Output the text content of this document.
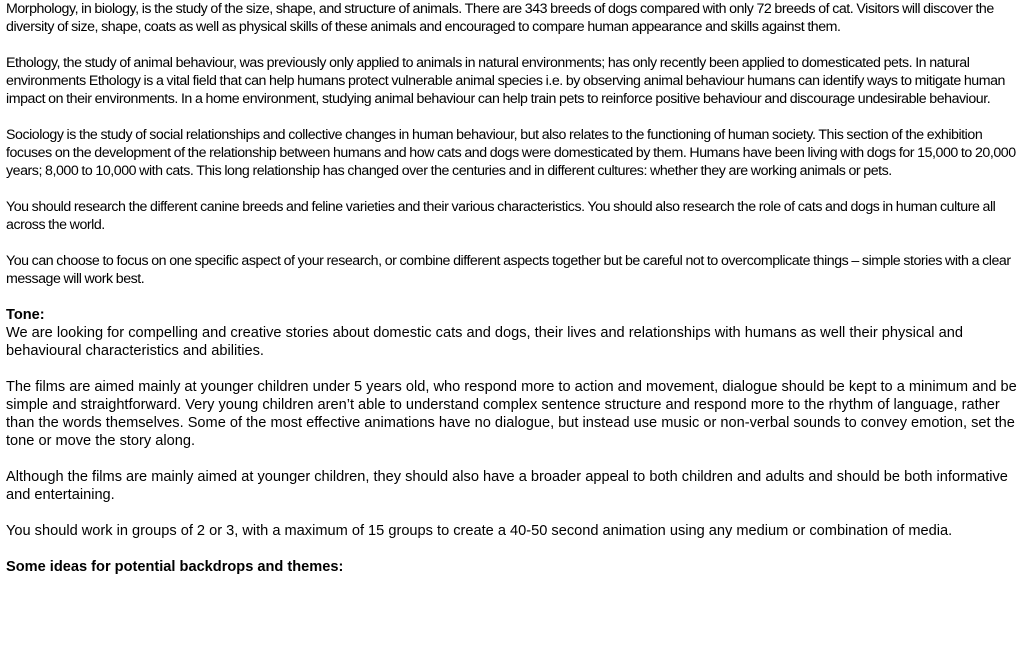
Morphology, in biology, is the study of the size, shape, and structure of animals. There are 343 breeds of dogs compared with only 72 breeds of cat. Visitors will discover the diversity of size, shape, coats as well as physical skills of these animals and encouraged to compare human appearance and skills against them.

Ethology, the study of animal behaviour, was previously only applied to animals in natural environments; has only recently been applied to domesticated pets. In natural environments Ethology is a vital field that can help humans protect vulnerable animal species i.e. by observing animal behaviour humans can identify ways to mitigate human impact on their environments. In a home environment, studying animal behaviour can help train pets to reinforce positive behaviour and discourage undesirable behaviour.

Sociology is the study of social relationships and collective changes in human behaviour, but also relates to the functioning of human society. This section of the exhibition focuses on the development of the relationship between humans and how cats and dogs were domesticated by them. Humans have been living with dogs for 15,000 to 20,000 years; 8,000 to 10,000 with cats. This long relationship has changed over the centuries and in different cultures: whether they are working animals or pets.

You should research the different canine breeds and feline varieties and their various characteristics. You should also research the role of cats and dogs in human culture all across the world.

You can choose to focus on one specific aspect of your research, or combine different aspects together but be careful not to overcomplicate things – simple stories with a clear message will work best.

Tone:

We are looking for compelling and creative stories about domestic cats and dogs, their lives and relationships with humans as well their physical and behavioural characteristics and abilities.

The films are aimed mainly at younger children under 5 years old, who respond more to action and movement, dialogue should be kept to a minimum and be simple and straightforward. Very young children aren’t able to understand complex sentence structure and respond more to the rhythm of language, rather than the words themselves. Some of the most effective animations have no dialogue, but instead use music or non-verbal sounds to convey emotion, set the tone or move the story along.

Although the films are mainly aimed at younger children, they should also have a broader appeal to both children and adults and should be both informative and entertaining.

You should work in groups of 2 or 3, with a maximum of 15 groups to create a 40-50 second animation using any medium or combination of media.

Some ideas for potential backdrops and themes:
